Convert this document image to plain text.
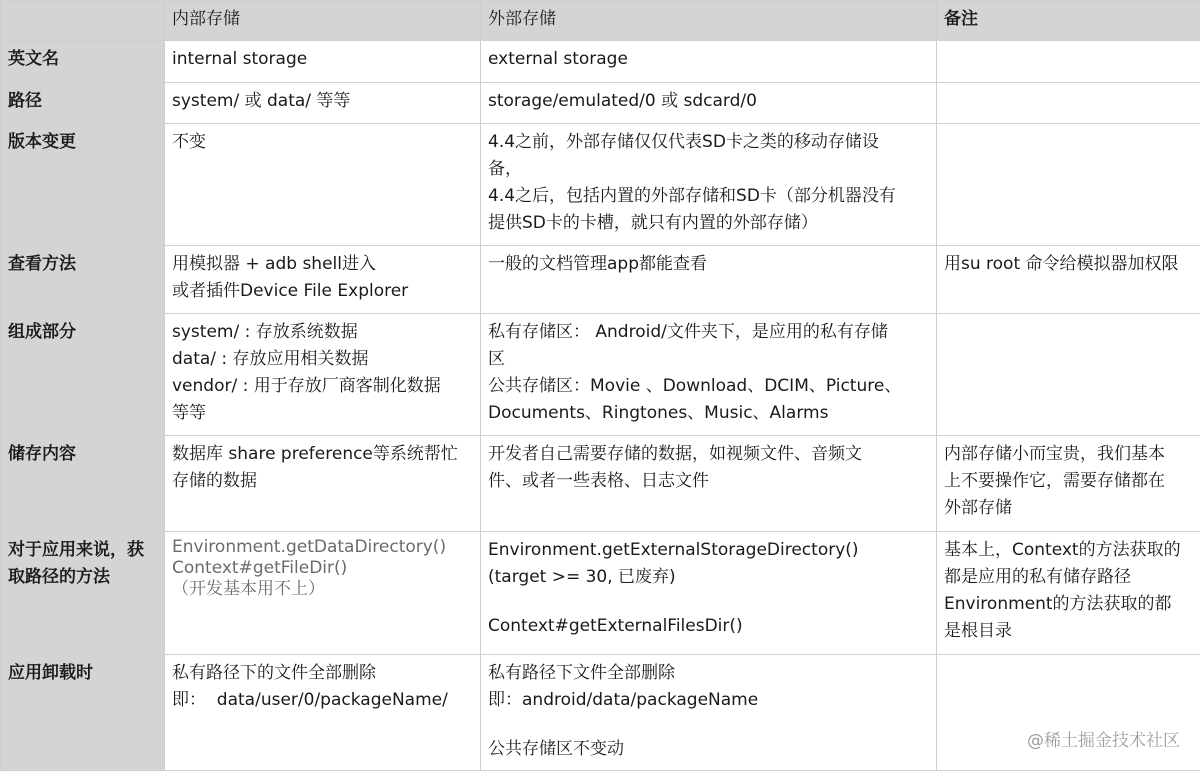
	内部存储	外部存储	备注
英文名	internal storage	external storage	

路径	system/ 或 data/ 等等	storage/emulated/0 或 sdcard/0	

版本变更	不变	4.4之前，外部存储仅仅代表SD卡之类的移动存储设
备，
4.4之后，包括内置的外部存储和SD卡（部分机器没有
提供SD卡的卡槽，就只有内置的外部存储）	

查看方法	用模拟器 + adb shell进入
或者插件Device File Explorer	一般的文档管理app都能查看	用su root 命令给模拟器加权限

组成部分	system/ : 存放系统数据
data/ : 存放应用相关数据
vendor/ : 用于存放厂商客制化数据
等等	私有存储区： Android/文件夹下，是应用的私有存储
区
公共存储区：Movie 、Download、DCIM、Picture、
Documents、Ringtones、Music、Alarms	

储存内容	数据库 share preference等系统帮忙
存储的数据	开发者自己需要存储的数据，如视频文件、音频文
件、或者一些表格、日志文件	内部存储小而宝贵，我们基本
上不要操作它，需要存储都在
外部存储

对于应用来说，获
取路径的方法	Environment.getDataDirectory()
Context#getFileDir()
（开发基本用不上）	Environment.getExternalStorageDirectory()
(target >= 30, 已废弃)
Context#getExternalFilesDir()	基本上，Context的方法获取的
都是应用的私有储存路径
Environment的方法获取的都
是根目录

应用卸载时	私有路径下的文件全部删除
即：  data/user/0/packageName/	私有路径下文件全部删除
即：android/data/packageName
公共存储区不变动	
		@稀土掘金技术社区
